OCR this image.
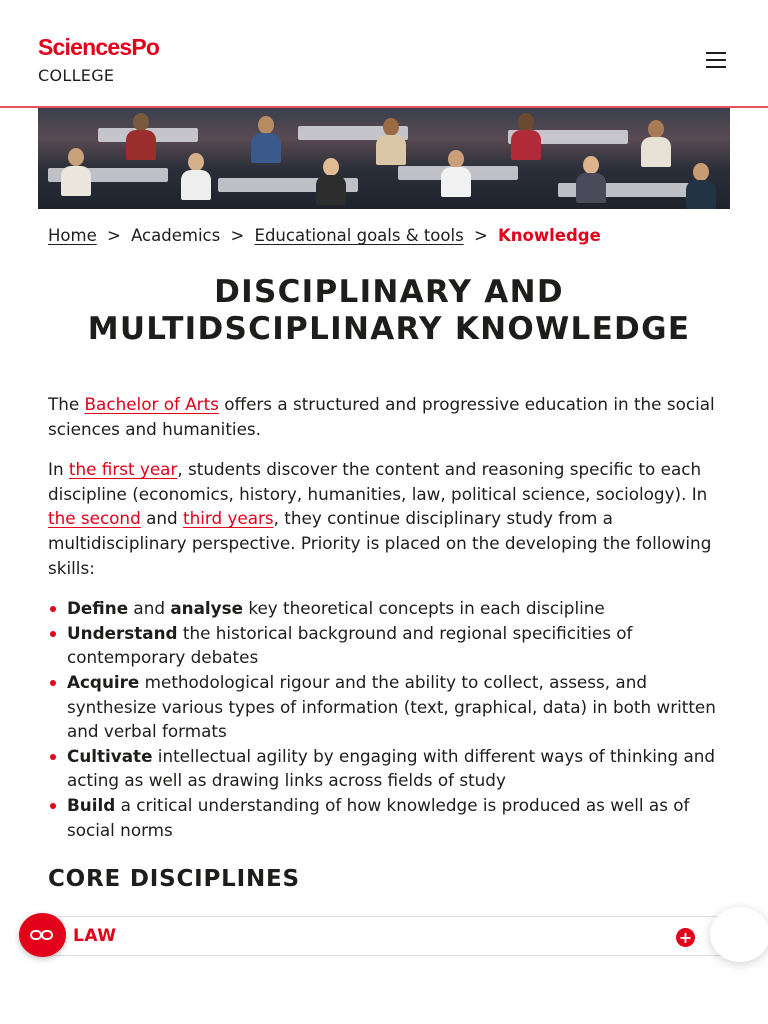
SciencesPo
COLLEGE
Home > Academics > Educational goals & tools > Knowledge
DISCIPLINARY AND
MULTIDSCIPLINARY KNOWLEDGE

The Bachelor of Arts offers a structured and progressive education in the social sciences and humanities.

In the first year, students discover the content and reasoning specific to each discipline (economics, history, humanities, law, political science, sociology). In the second and third years, they continue disciplinary study from a multidisciplinary perspective. Priority is placed on the developing the following skills:

Define and analyse key theoretical concepts in each discipline
Understand the historical background and regional specificities of contemporary debates
Acquire methodological rigour and the ability to collect, assess, and synthesize various types of information (text, graphical, data) in both written and verbal formats
Cultivate intellectual agility by engaging with different ways of thinking and acting as well as drawing links across fields of study
Build a critical understanding of how knowledge is produced as well as of social norms
CORE DISCIPLINES
LAW	+
